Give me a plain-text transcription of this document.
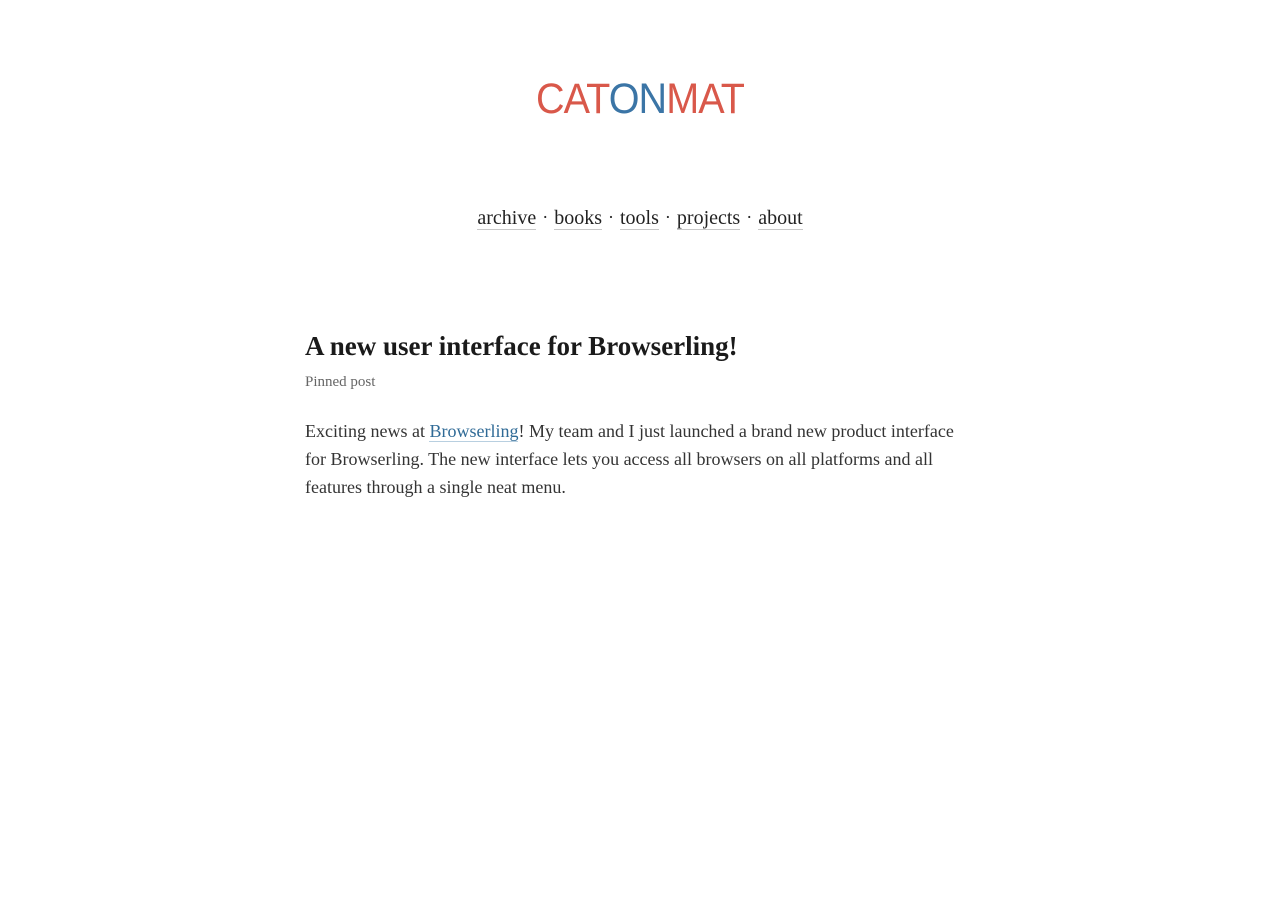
CATONMAT
archive · books · tools · projects · about
A new user interface for Browserling!

Pinned post

Exciting news at Browserling! My team and I just launched a brand new product interface for Browserling. The new interface lets you access all browsers on all platforms and all features through a single neat menu.
